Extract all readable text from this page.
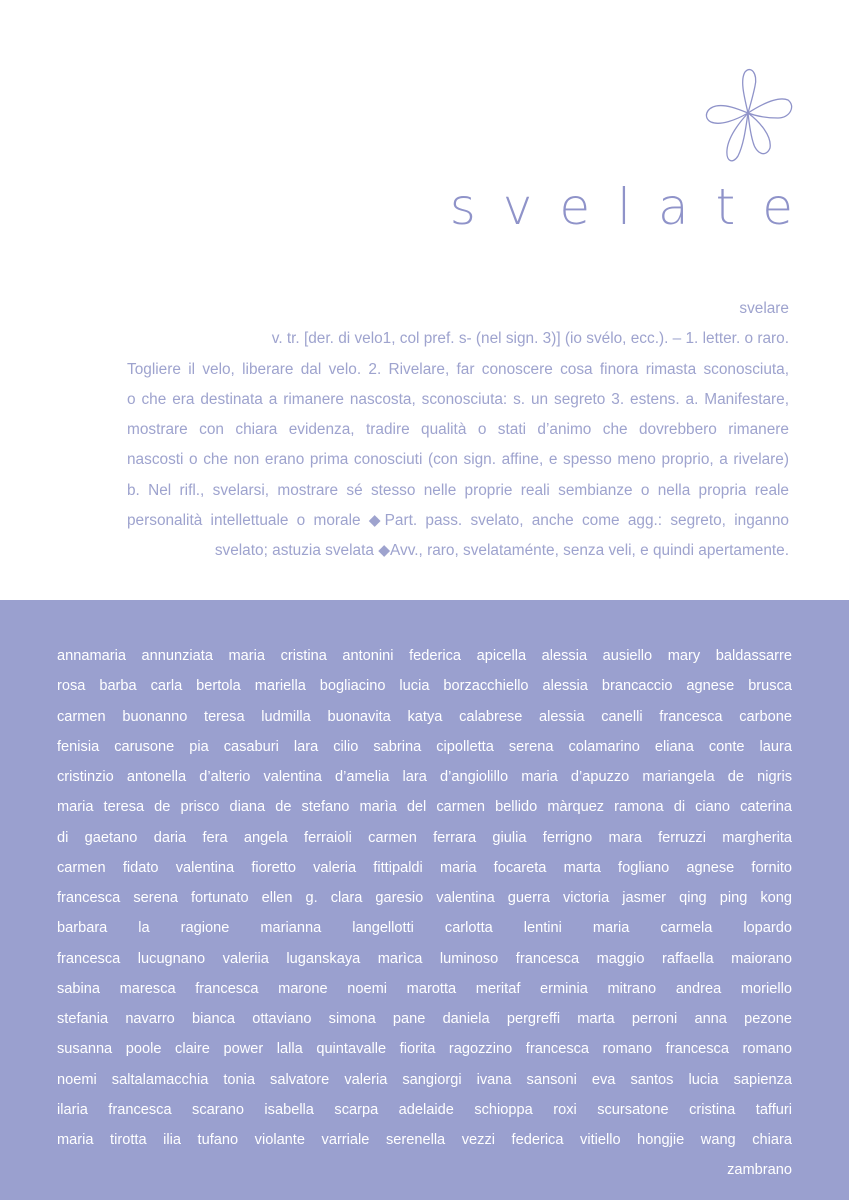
svelate
svelare
v. tr. [der. di velo1, col pref. s- (nel sign. 3)] (io svélo, ecc.). – 1. letter. o raro.
Togliere il velo, liberare dal velo. 2. Rivelare, far conoscere cosa finora rimasta sconosciuta,
o che era destinata a rimanere nascosta, sconosciuta: s. un segreto 3. estens. a. Manifestare,
mostrare con chiara evidenza, tradire qualità o stati d’animo che dovrebbero rimanere
nascosti o che non erano prima conosciuti (con sign. affine, e spesso meno proprio, a rivelare)
b. Nel rifl., svelarsi, mostrare sé stesso nelle proprie reali sembianze o nella propria reale
personalità intellettuale o morale ◆Part. pass. svelato, anche come agg.: segreto, inganno
svelato; astuzia svelata ◆Avv., raro, svelataménte, senza veli, e quindi apertamente.
annamaria annunziata maria cristina antonini federica apicella alessia ausiello mary baldassarre
rosa barba carla bertola mariella bogliacino lucia borzacchiello alessia brancaccio agnese brusca
carmen buonanno teresa ludmilla buonavita katya calabrese alessia canelli francesca carbone
fenisia carusone pia casaburi lara cilio sabrina cipolletta serena colamarino eliana conte laura
cristinzio antonella d’alterio valentina d’amelia lara d’angiolillo maria d’apuzzo mariangela de nigris
maria teresa de prisco diana de stefano marìa del carmen bellido màrquez ramona di ciano caterina
di gaetano daria fera angela ferraioli carmen ferrara giulia ferrigno mara ferruzzi margherita
carmen fidato valentina fioretto valeria fittipaldi maria focareta marta fogliano agnese fornito
francesca serena fortunato ellen g. clara garesio valentina guerra victoria jasmer qing ping kong
barbara la ragione marianna langellotti carlotta lentini maria carmela lopardo
francesca lucugnano valeriia luganskaya marìca luminoso francesca maggio raffaella maiorano
sabina maresca francesca marone noemi marotta meritaf erminia mitrano andrea moriello
stefania navarro bianca ottaviano simona pane daniela pergreffi marta perroni anna pezone
susanna poole claire power lalla quintavalle fiorita ragozzino francesca romano francesca romano
noemi saltalamacchia tonia salvatore valeria sangiorgi ivana sansoni eva santos lucia sapienza
ilaria francesca scarano isabella scarpa adelaide schioppa roxi scursatone cristina taffuri
maria tirotta ilia tufano violante varriale serenella vezzi federica vitiello hongjie wang chiara
zambrano
